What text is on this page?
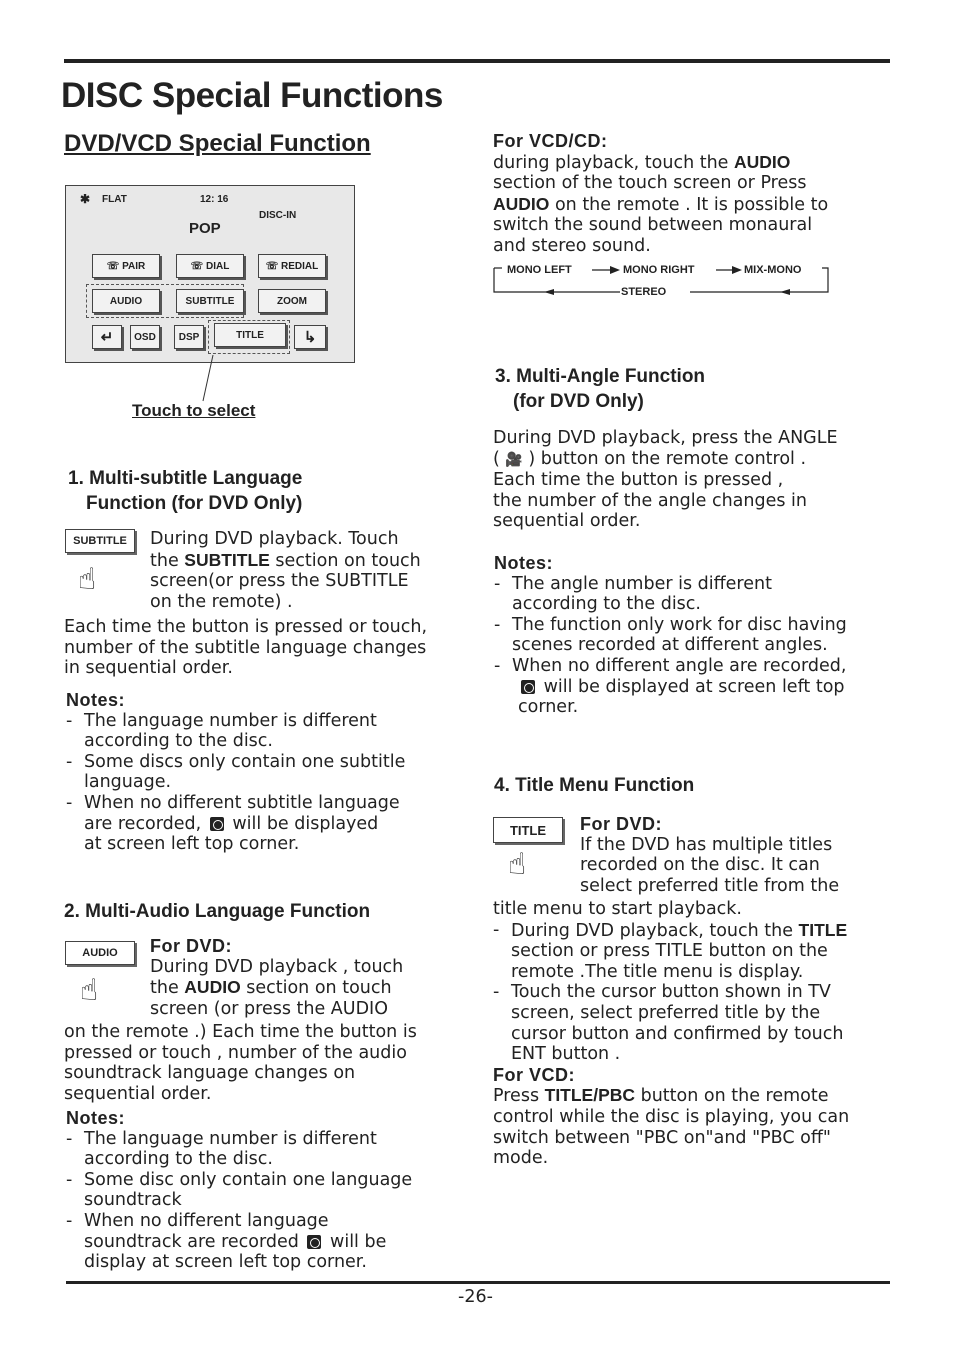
DISC Special Functions
DVD/VCD Special Function
✱ FLAT	12: 16
DISC-IN
POP
☏ PAIR	☏ DIAL	☏ REDIAL
AUDIO	SUBTITLE	ZOOM
↵	OSD	DSP	TITLE	↳
Touch to select
1. Multi-subtitle Language
Function (for DVD Only)
SUBTITLE
☝
During DVD playback. Touch
the SUBTITLE section on touch
screen(or press the SUBTITLE
on the remote) .
Each time the button is pressed or touch,
number of the subtitle language changes
in sequential order.
Notes:
- The language number is different
according to the disc.
- Some discs only contain one subtitle
language.
- When no different subtitle language
are recorded, will be displayed
at screen left top corner.
2. Multi-Audio Language Function
AUDIO
☝
For DVD:
During DVD playback , touch
the AUDIO section on touch
screen (or press the AUDIO
on the remote .) Each time the button is
pressed or touch , number of the audio
soundtrack language changes on
sequential order.
Notes:
- The language number is different
according to the disc.
- Some disc only contain one language
soundtrack
- When no different language
soundtrack are recorded will be
display at screen left top corner.
For VCD/CD:
during playback, touch the AUDIO
section of the touch screen or Press
AUDIO on the remote . It is possible to
switch the sound between monaural
and stereo sound.
MONO LEFT	MONO RIGHT	MIX-MONO
STEREO
3. Multi-Angle Function
(for DVD Only)
During DVD playback, press the ANGLE
( 🎥 ) button on the remote control .
Each time the button is pressed ,
the number of the angle changes in
sequential order.
Notes:
- The angle number is different
according to the disc.
- The function only work for disc having
scenes recorded at different angles.
- When no different angle are recorded,
will be displayed at screen left top
corner.
4. Title Menu Function
TITLE
☝
For DVD:
If the DVD has multiple titles
recorded on the disc. It can
select preferred title from the
title menu to start playback.
- During DVD playback, touch the TITLE
section or press TITLE button on the
remote .The title menu is display.
- Touch the cursor button shown in TV
screen, select preferred title by the
cursor button and confirmed by touch
ENT button .
For VCD:
Press TITLE/PBC button on the remote
control while the disc is playing, you can
switch between "PBC on"and "PBC off"
mode.
-26-
